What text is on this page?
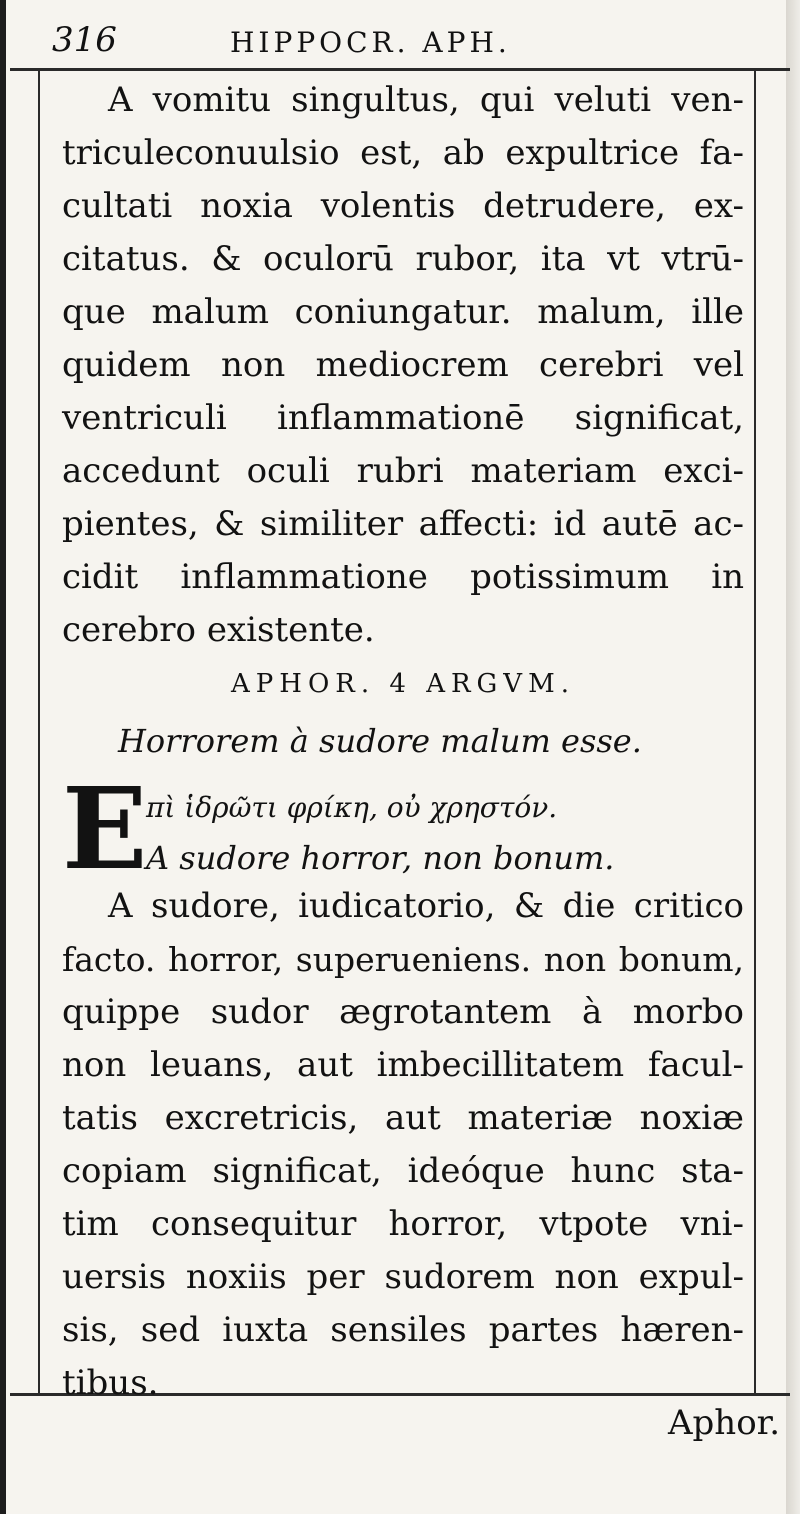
316	HIPPOCR. APH.
A vomitu singultus, qui veluti ven-
triculeconuulsio est, ab expultrice fa-
cultati noxia volentis detrudere, ex-
citatus. & oculorū rubor, ita vt vtrū-
que malum coniungatur. malum, ille
quidem non mediocrem cerebri vel
ventriculi inflammationē significat,
accedunt oculi rubri materiam exci-
pientes, & similiter affecti: id autē ac-
cidit inflammatione potissimum in
cerebro existente.
APHOR. 4 ARGVM.
Horrorem à sudore malum esse.
E
πὶ ἱδρῶτι φρίκη, οὐ χρηστόν.
A sudore horror, non bonum.
A sudore, iudicatorio, & die critico
facto. horror, superueniens. non bonum,
quippe sudor ægrotantem à morbo
non leuans, aut imbecillitatem facul-
tatis excretricis, aut materiæ noxiæ
copiam significat, ideóque hunc sta-
tim consequitur horror, vtpote vni-
uersis noxiis per sudorem non expul-
sis, sed iuxta sensiles partes hæren-
tibus.
Aphor.
